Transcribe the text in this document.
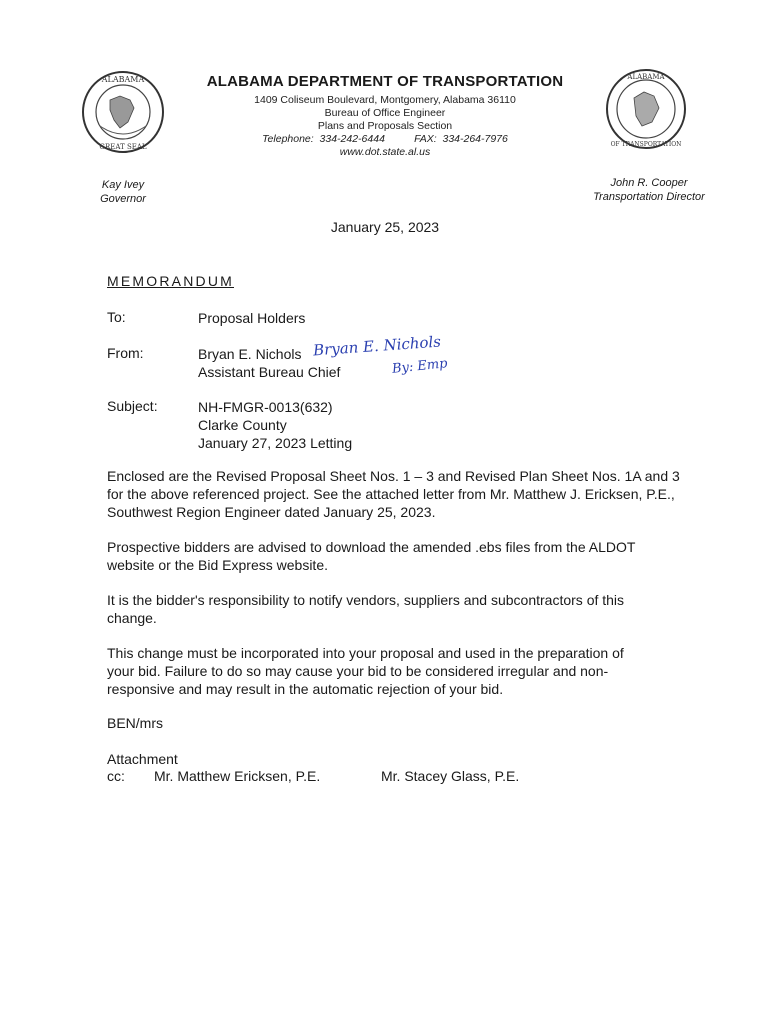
ALABAMA
GREAT SEAL
ALABAMA
OF TRANSPORTATION
ALABAMA DEPARTMENT OF TRANSPORTATION
1409 Coliseum Boulevard, Montgomery, Alabama 36110
Bureau of Office Engineer
Plans and Proposals Section
Telephone:  334-242-6444          FAX:  334-264-7976
www.dot.state.al.us
Kay Ivey
Governor
John R. Cooper
Transportation Director
January 25, 2023
MEMORANDUM
To:	Proposal Holders
From:	Bryan E. Nichols
Assistant Bureau Chief
Bryan E. Nichols
By: Emp
Subject:	NH-FMGR-0013(632)
Clarke County
January 27, 2023 Letting
Enclosed are the Revised Proposal Sheet Nos. 1 – 3 and Revised Plan Sheet Nos. 1A and 3 for the above referenced project. See the attached letter from Mr. Matthew J. Ericksen, P.E., Southwest Region Engineer dated January 25, 2023.
Prospective bidders are advised to download the amended .ebs files from the ALDOT website or the Bid Express website.
It is the bidder's responsibility to notify vendors, suppliers and subcontractors of this change.
This change must be incorporated into your proposal and used in the preparation of your bid. Failure to do so may cause your bid to be considered irregular and non-responsive and may result in the automatic rejection of your bid.
BEN/mrs
Attachment
cc: Mr. Matthew Ericksen, P.E.	Mr. Stacey Glass, P.E.
